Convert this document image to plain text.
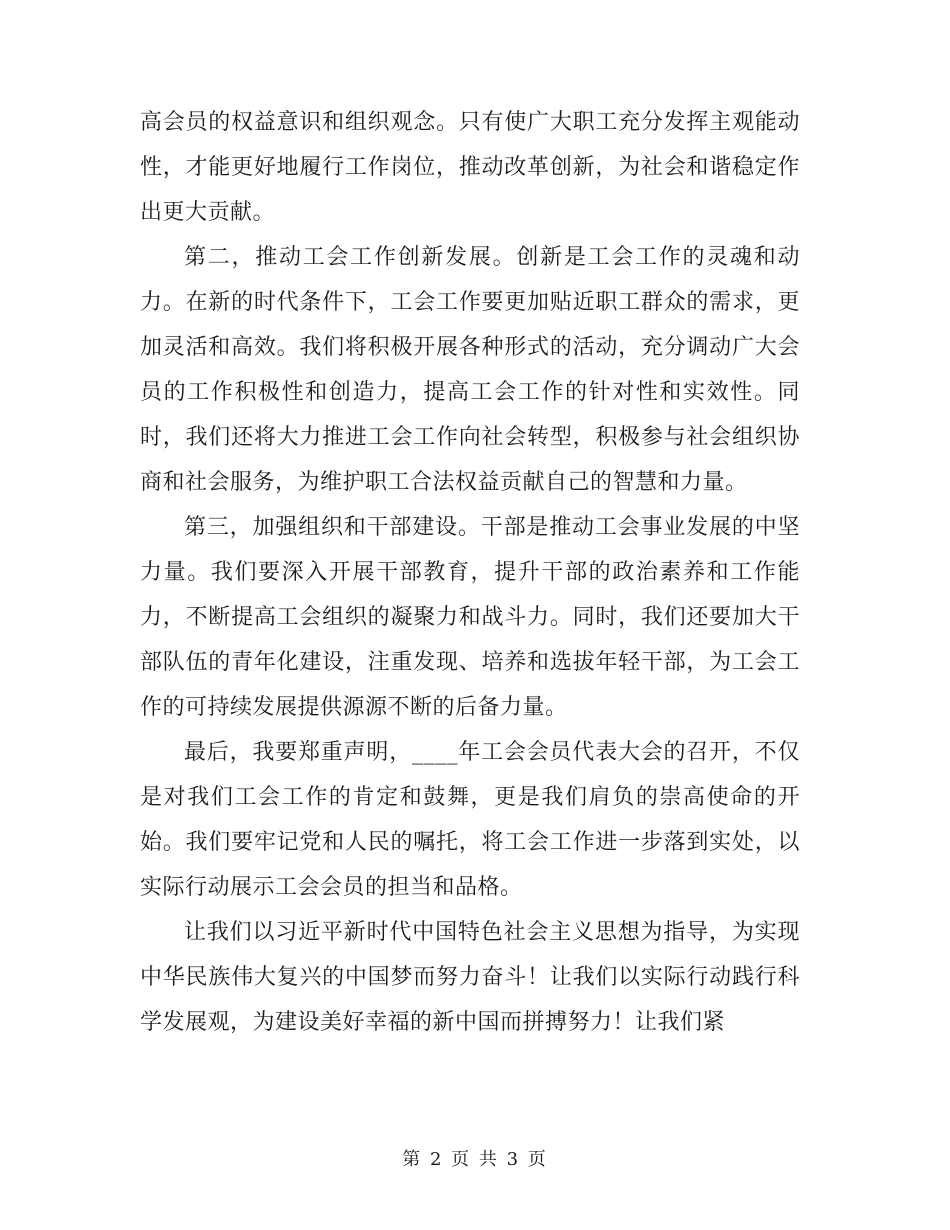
高会员的权益意识和组织观念。只有使广大职工充分发挥主观能动性，才能更好地履行工作岗位，推动改革创新，为社会和谐稳定作出更大贡献。

第二，推动工会工作创新发展。创新是工会工作的灵魂和动力。在新的时代条件下，工会工作要更加贴近职工群众的需求，更加灵活和高效。我们将积极开展各种形式的活动，充分调动广大会员的工作积极性和创造力，提高工会工作的针对性和实效性。同时，我们还将大力推进工会工作向社会转型，积极参与社会组织协商和社会服务，为维护职工合法权益贡献自己的智慧和力量。

第三，加强组织和干部建设。干部是推动工会事业发展的中坚力量。我们要深入开展干部教育，提升干部的政治素养和工作能力，不断提高工会组织的凝聚力和战斗力。同时，我们还要加大干部队伍的青年化建设，注重发现、培养和选拔年轻干部，为工会工作的可持续发展提供源源不断的后备力量。

最后，我要郑重声明，____年工会会员代表大会的召开，不仅是对我们工会工作的肯定和鼓舞，更是我们肩负的崇高使命的开始。我们要牢记党和人民的嘱托，将工会工作进一步落到实处，以实际行动展示工会会员的担当和品格。

让我们以习近平新时代中国特色社会主义思想为指导，为实现中华民族伟大复兴的中国梦而努力奋斗！让我们以实际行动践行科学发展观，为建设美好幸福的新中国而拼搏努力！让我们紧

第 2 页 共 3 页
